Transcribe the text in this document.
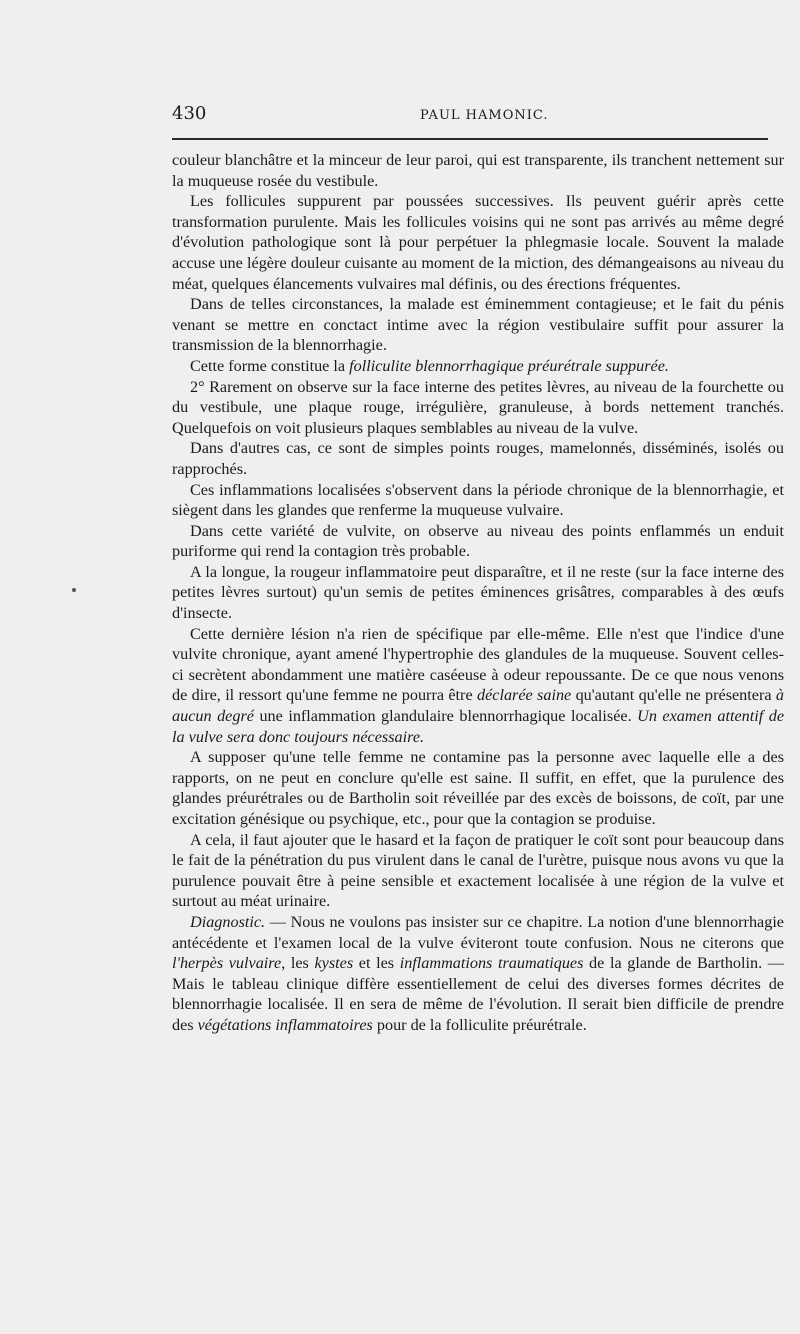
430	PAUL HAMONIC.

couleur blanchâtre et la minceur de leur paroi, qui est transparente, ils tranchent nettement sur la muqueuse rosée du vestibule.

Les follicules suppurent par poussées successives. Ils peuvent guérir après cette transformation purulente. Mais les follicules voisins qui ne sont pas arrivés au même degré d'évolution pathologique sont là pour perpétuer la phlegmasie locale. Souvent la malade accuse une légère douleur cuisante au moment de la miction, des démangeaisons au niveau du méat, quelques élancements vulvaires mal définis, ou des érections fréquentes.

Dans de telles circonstances, la malade est éminemment contagieuse; et le fait du pénis venant se mettre en conctact intime avec la région vestibulaire suffit pour assurer la transmission de la blennorrhagie.

Cette forme constitue la folliculite blennorrhagique préurétrale suppurée.

2° Rarement on observe sur la face interne des petites lèvres, au niveau de la fourchette ou du vestibule, une plaque rouge, irrégulière, granuleuse, à bords nettement tranchés. Quelquefois on voit plusieurs plaques semblables au niveau de la vulve.

Dans d'autres cas, ce sont de simples points rouges, mamelonnés, disséminés, isolés ou rapprochés.

Ces inflammations localisées s'observent dans la période chronique de la blennorrhagie, et siègent dans les glandes que renferme la muqueuse vulvaire.

Dans cette variété de vulvite, on observe au niveau des points enflammés un enduit puriforme qui rend la contagion très probable.

A la longue, la rougeur inflammatoire peut disparaître, et il ne reste (sur la face interne des petites lèvres surtout) qu'un semis de petites éminences grisâtres, comparables à des œufs d'insecte.

Cette dernière lésion n'a rien de spécifique par elle-même. Elle n'est que l'indice d'une vulvite chronique, ayant amené l'hypertrophie des glandules de la muqueuse. Souvent celles-ci secrètent abondamment une matière caséeuse à odeur repoussante. De ce que nous venons de dire, il ressort qu'une femme ne pourra être déclarée saine qu'autant qu'elle ne présentera à aucun degré une inflammation glandulaire blennorrhagique localisée. Un examen attentif de la vulve sera donc toujours nécessaire.

A supposer qu'une telle femme ne contamine pas la personne avec laquelle elle a des rapports, on ne peut en conclure qu'elle est saine. Il suffit, en effet, que la purulence des glandes préurétrales ou de Bartholin soit réveillée par des excès de boissons, de coït, par une excitation génésique ou psychique, etc., pour que la contagion se produise.

A cela, il faut ajouter que le hasard et la façon de pratiquer le coït sont pour beaucoup dans le fait de la pénétration du pus virulent dans le canal de l'urètre, puisque nous avons vu que la purulence pouvait être à peine sensible et exactement localisée à une région de la vulve et surtout au méat urinaire.

Diagnostic. — Nous ne voulons pas insister sur ce chapitre. La notion d'une blennorrhagie antécédente et l'examen local de la vulve éviteront toute confusion. Nous ne citerons que l'herpès vulvaire, les kystes et les inflammations traumatiques de la glande de Bartholin. — Mais le tableau clinique diffère essentiellement de celui des diverses formes décrites de blennorrhagie localisée. Il en sera de même de l'évolution. Il serait bien difficile de prendre des végétations inflammatoires pour de la folliculite préurétrale.
